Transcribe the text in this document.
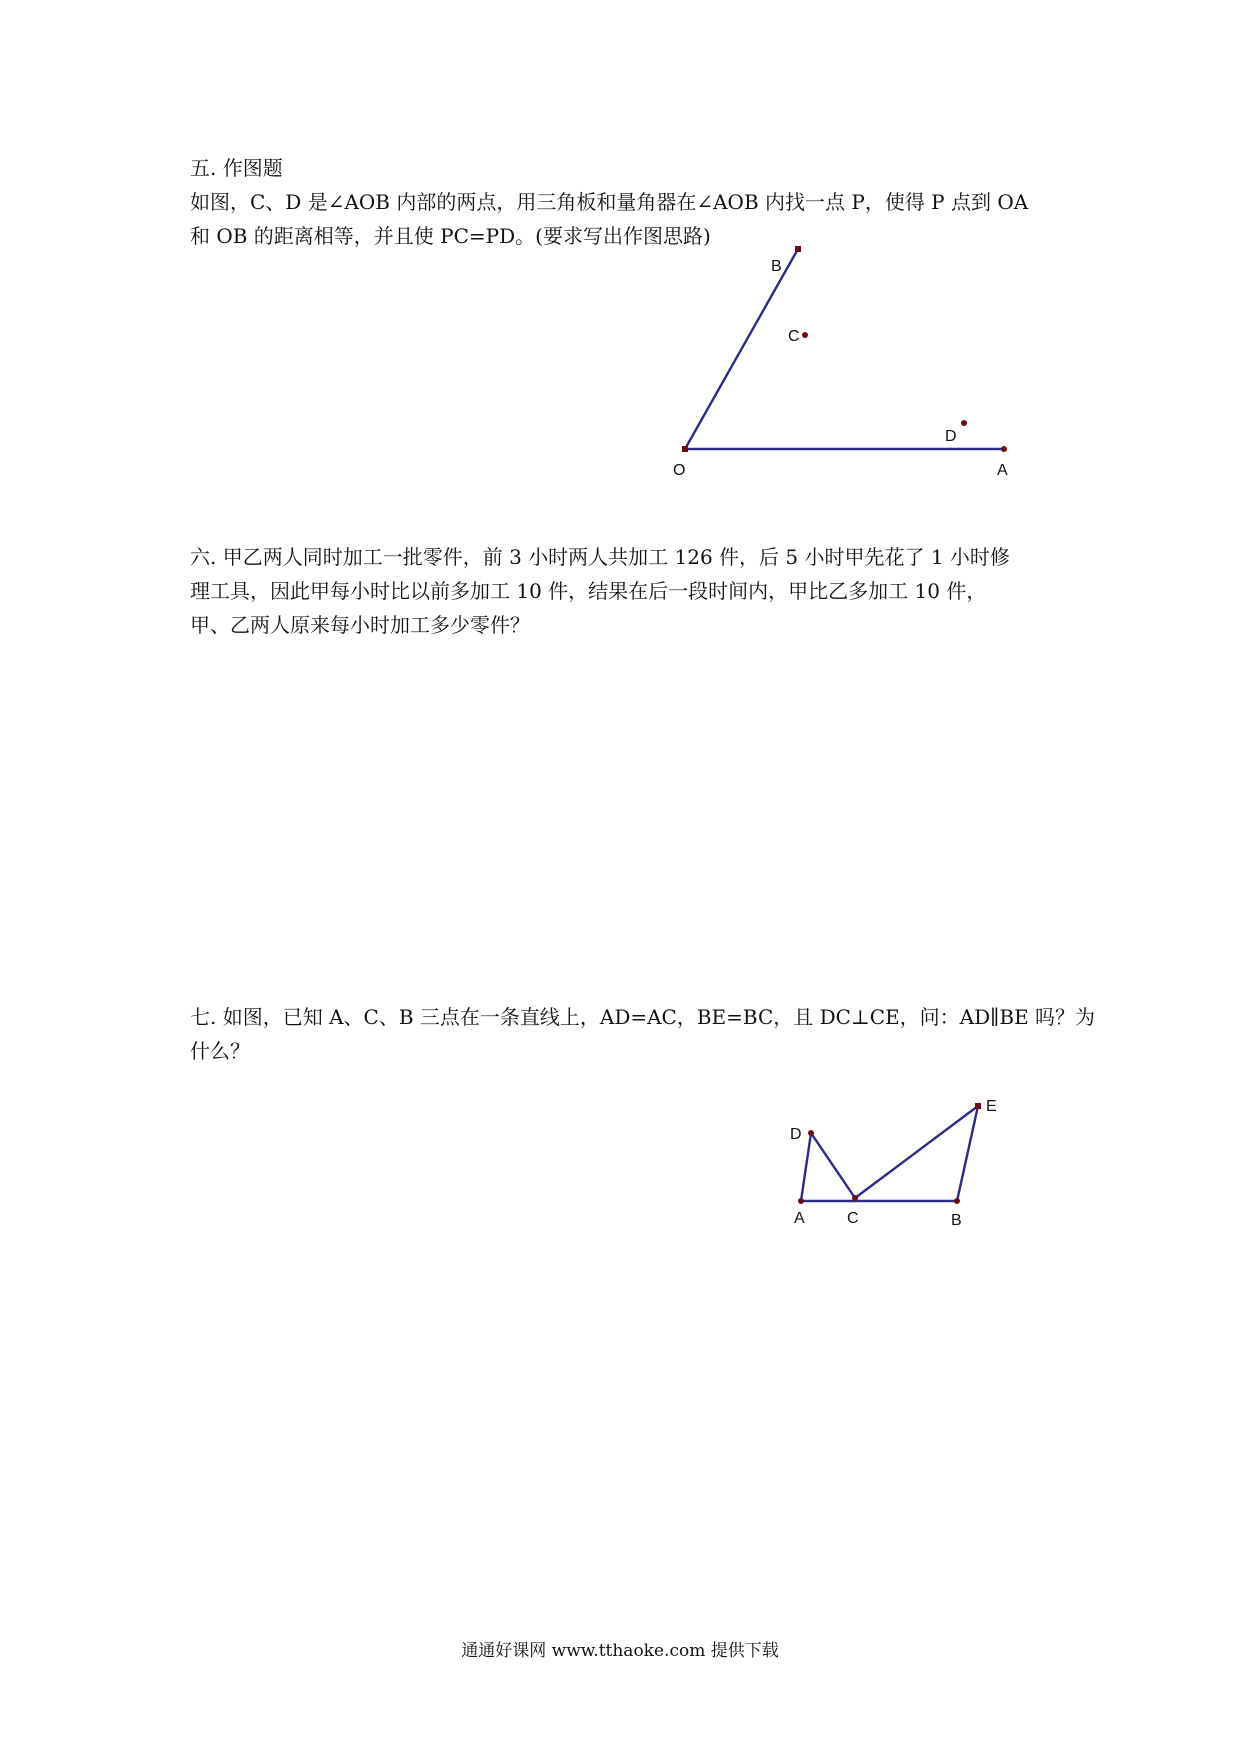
五. 作图题
如图，C、D 是∠AOB 内部的两点，用三角板和量角器在∠AOB 内找一点 P，使得 P 点到 OA
和 OB 的距离相等，并且使 PC=PD。(要求写出作图思路)
B
C
D
O	A
六. 甲乙两人同时加工一批零件，前 3 小时两人共加工 126 件，后 5 小时甲先花了 1 小时修
理工具，因此甲每小时比以前多加工 10 件，结果在后一段时间内，甲比乙多加工 10 件，
甲、乙两人原来每小时加工多少零件？
七. 如图，已知 A、C、B 三点在一条直线上，AD=AC，BE=BC，且 DC⊥CE，问：AD∥BE 吗？为
什么？
D
E
A	C	B
通通好课网 www.tthaoke.com 提供下载
